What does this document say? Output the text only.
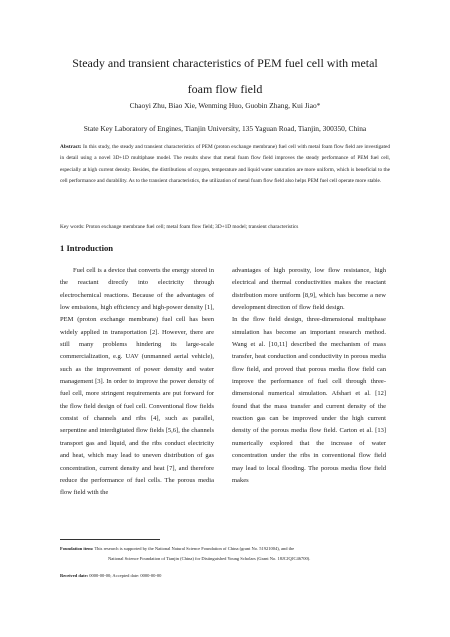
Steady and transient characteristics of PEM fuel cell with metal
foam flow field
Chaoyi Zhu, Biao Xie, Wenming Huo, Guobin Zhang, Kui Jiao*
State Key Laboratory of Engines, Tianjin University, 135 Yaguan Road, Tianjin, 300350, China
Abstract: In this study, the steady and transient characteristics of PEM (proton exchange membrane) fuel cell with metal foam flow field are investigated in detail using a novel 3D+1D multiphase model. The results show that metal foam flow field improves the steady performance of PEM fuel cell, especially at high current density. Besides, the distributions of oxygen, temperature and liquid water saturation are more uniform, which is beneficial to the cell performance and durability. As to the transient characteristics, the utilization of metal foam flow field also helps PEM fuel cell operate more stable.
Key words: Proton exchange membrane fuel cell; metal foam flow field; 3D+1D model; transient characteristics
1 Introduction

Fuel cell is a device that converts the energy stored in the reactant directly into electricity through electrochemical reactions. Because of the advantages of low emissions, high efficiency and high-power density [1], PEM (proton exchange membrane) fuel cell has been widely applied in transportation [2]. However, there are still many problems hindering its large-scale commercialization, e.g. UAV (unmanned aerial vehicle), such as the improvement of power density and water management [3]. In order to improve the power density of fuel cell, more stringent requirements are put forward for the flow field design of fuel cell. Conventional flow fields consist of channels and ribs [4], such as parallel, serpentine and interdigitated flow fields [5,6], the channels transport gas and liquid, and the ribs conduct electricity and heat, which may lead to uneven distribution of gas concentration, current density and heat [7], and therefore reduce the performance of fuel cells. The porous media flow field with the

advantages of high porosity, low flow resistance, high electrical and thermal conductivities makes the reactant distribution more uniform [8,9], which has become a new development direction of flow field design.

In the flow field design, three-dimensional multiphase simulation has become an important research method. Wang et al. [10,11] described the mechanism of mass transfer, heat conduction and conductivity in porous media flow field, and proved that porous media flow field can improve the performance of fuel cell through three-dimensional numerical simulation. Afshari et al. [12] found that the mass transfer and current density of the reaction gas can be improved under the high current density of the porous media flow field. Carton et al. [13] numerically explored that the increase of water concentration under the ribs in conventional flow field may lead to local flooding. The porous media flow field makes

Foundation item: This research is supported by the National Natural Science Foundation of China (grant No. 51921004), and the
National Science Foundation of Tianjin (China) for Distinguished Young Scholars (Grant No. 18JCJQJC46700).
Received date: 0000-00-00; Accepted date: 0000-00-00
